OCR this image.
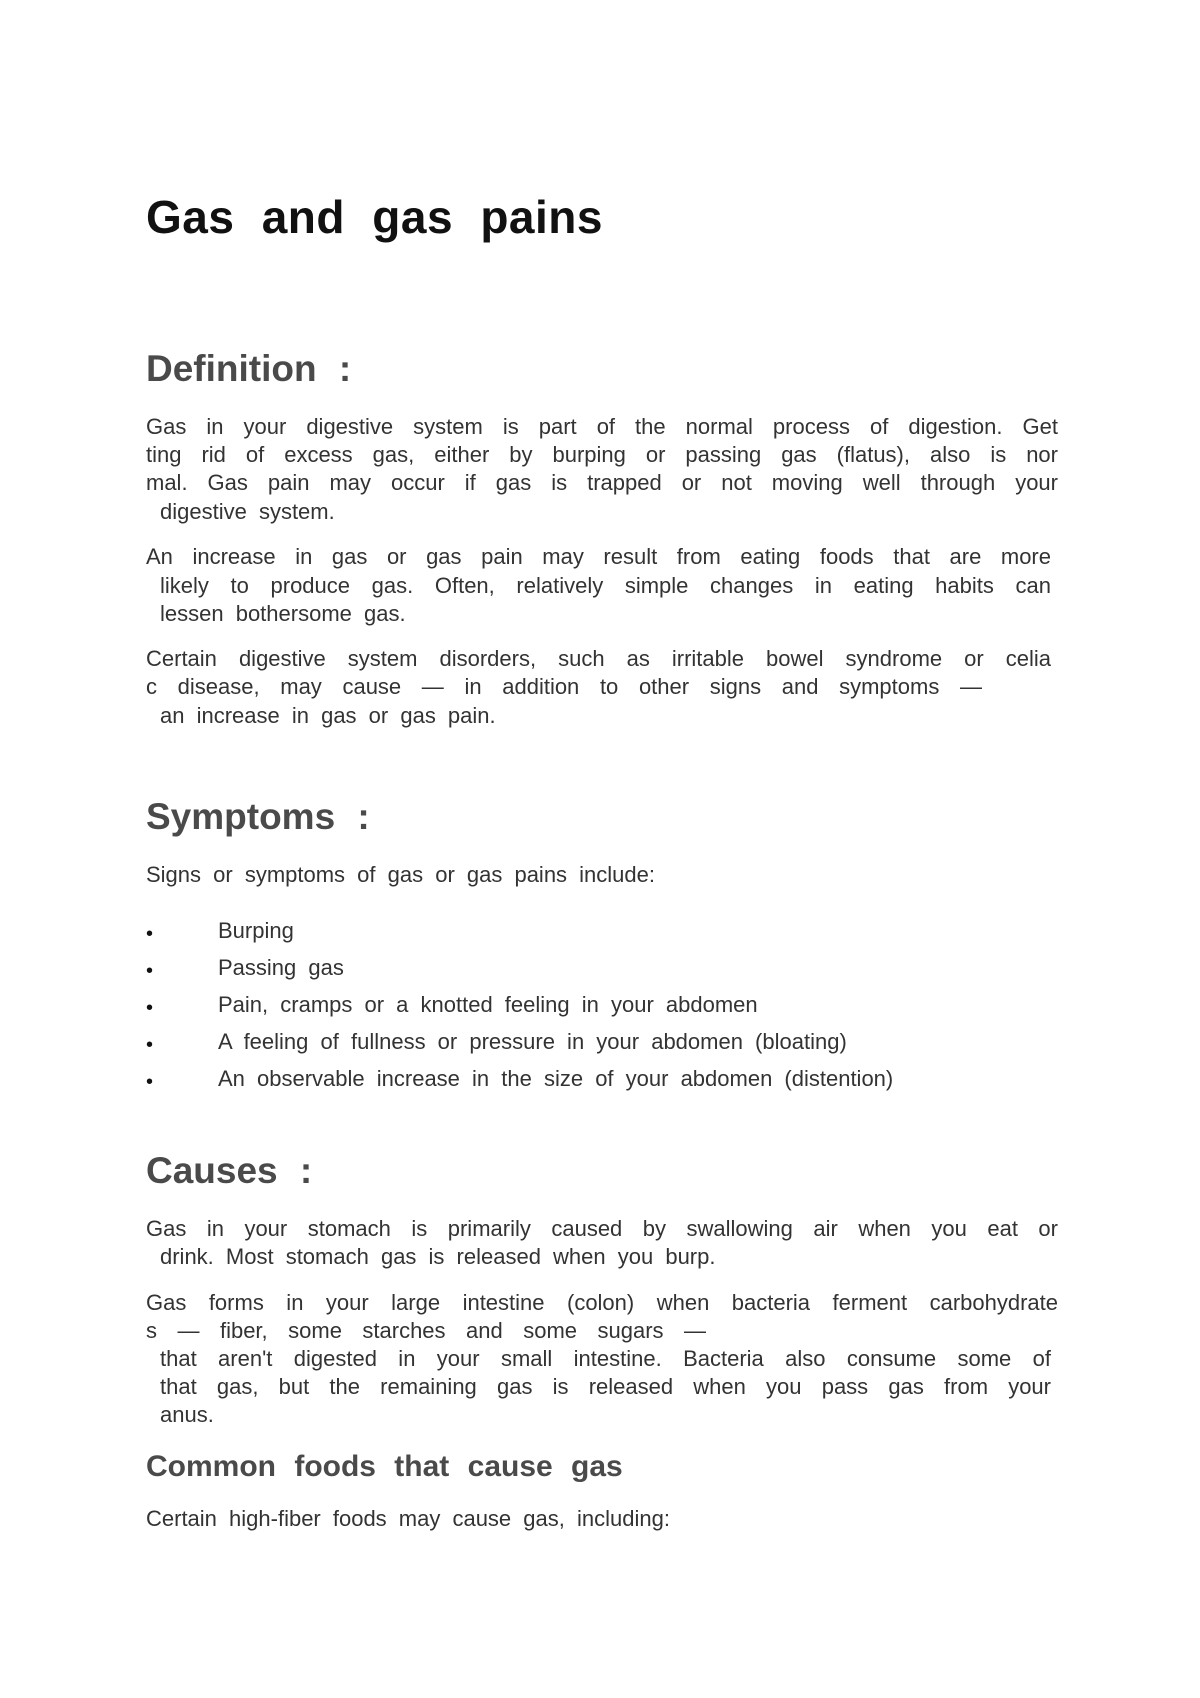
Gas and gas pains
Definition :

Gas in your digestive system is part of the normal process of digestion. Get

ting rid of excess gas, either by burping or passing gas (flatus), also is nor

mal. Gas pain may occur if gas is trapped or not moving well through your

digestive system.

An increase in gas or gas pain may result from eating foods that are more

likely to produce gas. Often, relatively simple changes in eating habits can

lessen bothersome gas.

Certain digestive system disorders, such as irritable bowel syndrome or celia

c disease, may cause — in addition to other signs and symptoms —

an increase in gas or gas pain.

Symptoms :

Signs or symptoms of gas or gas pains include:

•	Burping
•	Passing gas
•	Pain, cramps or a knotted feeling in your abdomen
•	A feeling of fullness or pressure in your abdomen (bloating)
•	An observable increase in the size of your abdomen (distention)
Causes :

Gas in your stomach is primarily caused by swallowing air when you eat or

drink. Most stomach gas is released when you burp.

Gas forms in your large intestine (colon) when bacteria ferment carbohydrate

s — fiber, some starches and some sugars —

that aren't digested in your small intestine. Bacteria also consume some of

that gas, but the remaining gas is released when you pass gas from your

anus.

Common foods that cause gas

Certain high-fiber foods may cause gas, including:
